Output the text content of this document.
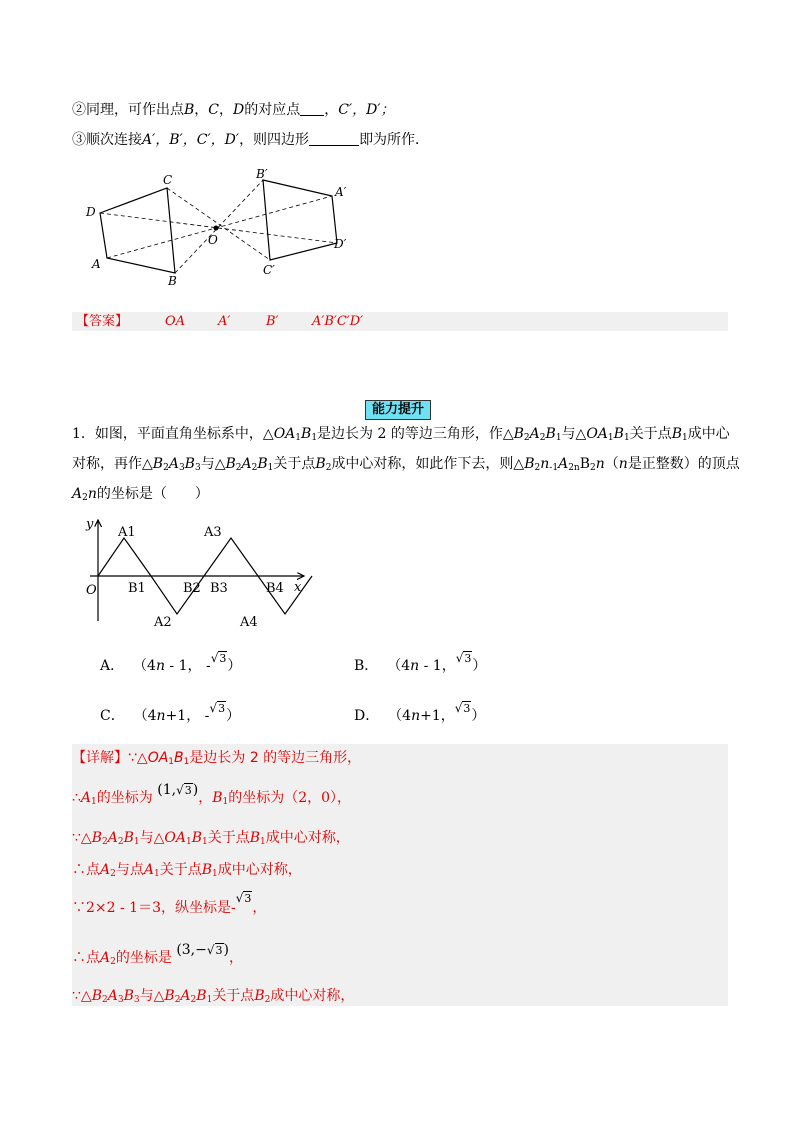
②同理，可作出点B，C，D的对应点 ，C′，D′；
③顺次连接A′，B′，C′，D′，则四边形	即为所作．
D
C
A
B
O
B′
A′
D′
C′
【答案】	OA	A′	B′	A′B′C′D′
能力提升
1．如图，平面直角坐标系中，$\triangle OA_1B_1$是边长为 2 的等边三角形，作$\triangle B_2A_2B_1$与$\triangle OA_1B_1$关于点$B_1$成中心
对称，再作$\triangle B_2A_3B_3$与$\triangle B_2A_2B_1$关于点$B_2$成中心对称，如此作下去，则$\triangle B_2n_{-1}A_{2n}B_2n(n$是正整数）的顶点
$A_2n$的坐标是（　　）
y
x
O
A1
A2
A3
A4
B1	B2 B3	B4
A． （4n - 1， -√3）	B． （4n - 1，√3）
C． （4n+1， -√3）	D． （4n+1，√3）
【详解】$\because\triangle OA_1B_1$是边长为 2 的等边三角形，
$\therefore A_1$的坐标为 (1,√3)，$B_1$的坐标为（2，0），
$\because\triangle B_2A_2B_1$与$\triangle OA_1B_1$关于点$B_1$成中心对称，
∴点$A_2$与点$A_1$关于点$B_1$成中心对称，
∵2×2 - 1＝3，纵坐标是-√3，
∴点$A_2$的坐标是 (3,−√3)，
$\because\triangle B_2A_3B_3$与$\triangle B_2A_2B_1$关于点$B_2$成中心对称，
